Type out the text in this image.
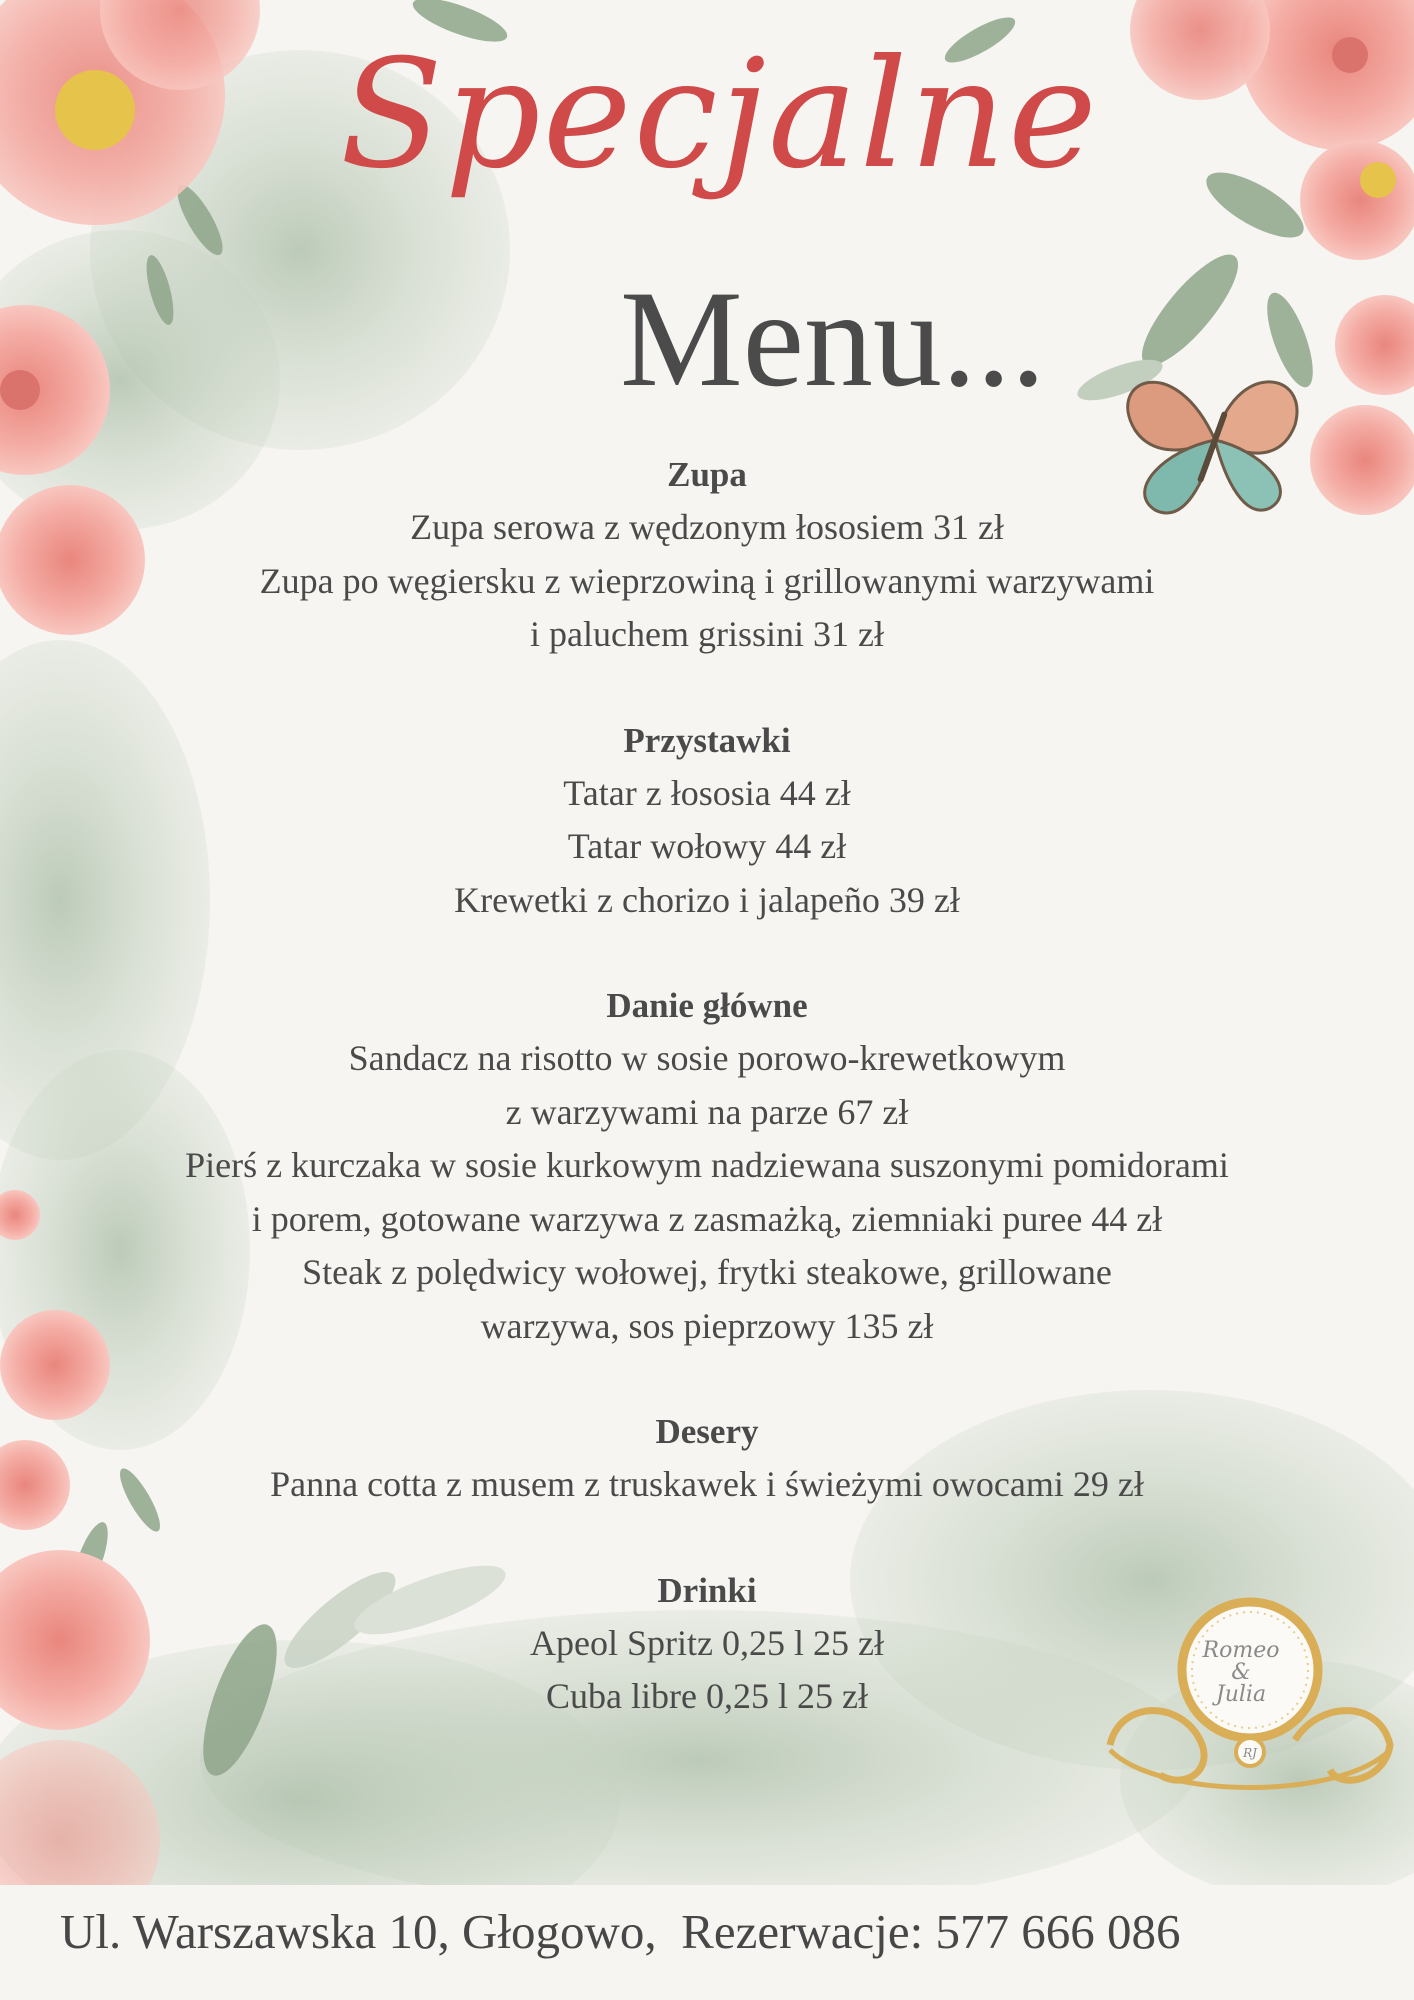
Specjalne
Menu...
Romeo
&
Julia
RJ
Zupa
Zupa serowa z wędzonym łososiem 31 zł
Zupa po węgiersku z wieprzowiną i grillowanymi warzywami
i paluchem grissini 31 zł
Przystawki
Tatar z łososia 44 zł
Tatar wołowy 44 zł
Krewetki z chorizo i jalapeño 39 zł
Danie główne
Sandacz na risotto w sosie porowo-krewetkowym
z warzywami na parze 67 zł
Pierś z kurczaka w sosie kurkowym nadziewana suszonymi pomidorami
i porem, gotowane warzywa z zasmażką, ziemniaki puree 44 zł
Steak z polędwicy wołowej, frytki steakowe, grillowane
warzywa, sos pieprzowy 135 zł
Desery
Panna cotta z musem z truskawek i świeżymi owocami 29 zł
Drinki
Apeol Spritz 0,25 l 25 zł
Cuba libre 0,25 l 25 zł
Ul. Warszawska 10, Głogowo,  Rezerwacje: 577 666 086
